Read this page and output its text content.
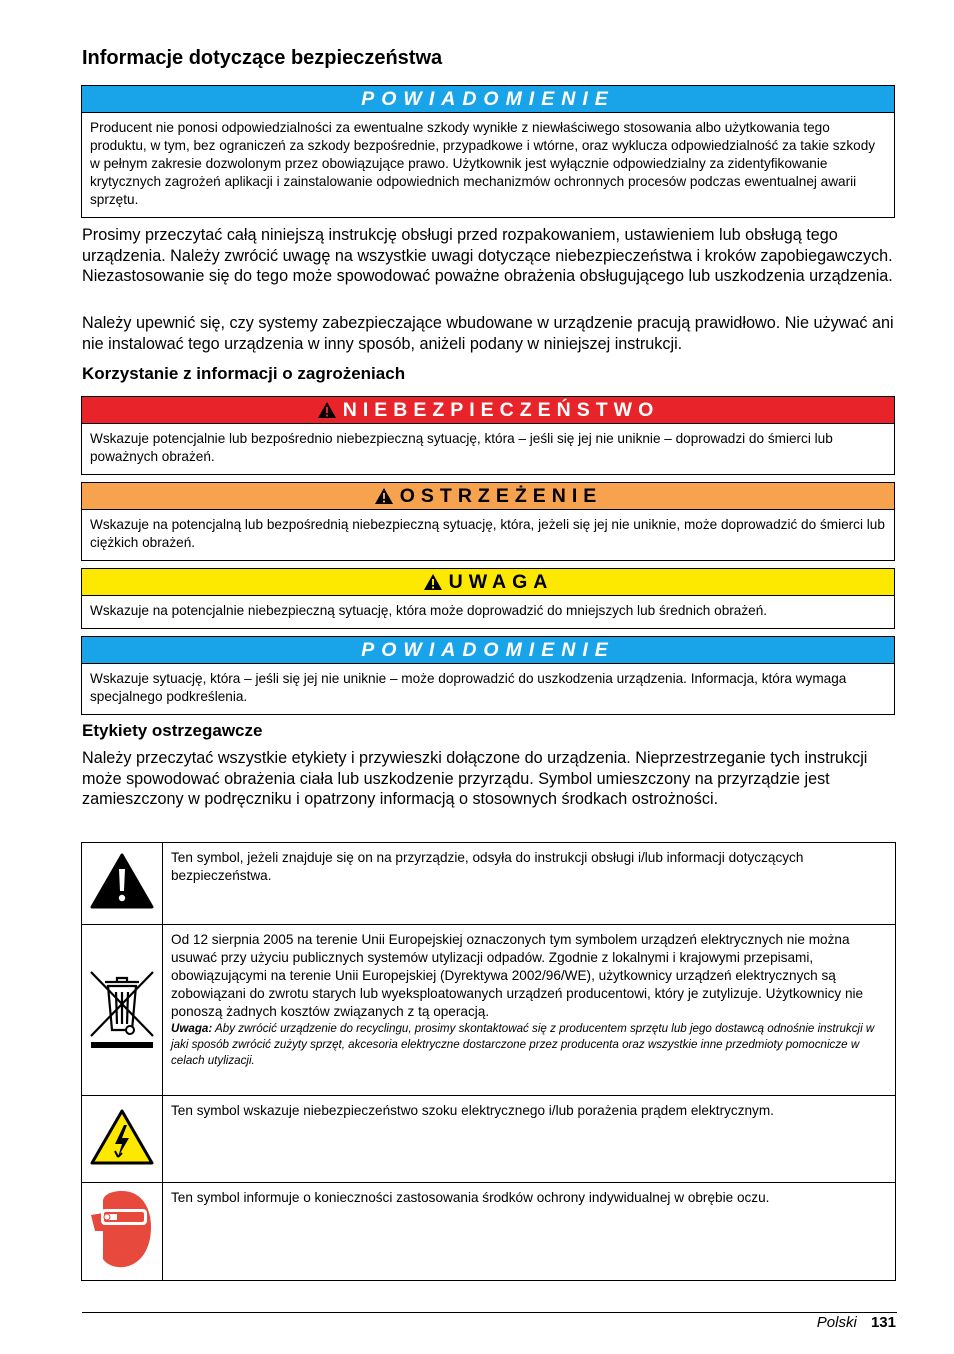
Informacje dotyczące bezpieczeństwa
POWIADOMIENIE
Producent nie ponosi odpowiedzialności za ewentualne szkody wynikłe z niewłaściwego stosowania albo użytkowania tego produktu, w tym, bez ograniczeń za szkody bezpośrednie, przypadkowe i wtórne, oraz wyklucza odpowiedzialność za takie szkody w pełnym zakresie dozwolonym przez obowiązujące prawo. Użytkownik jest wyłącznie odpowiedzialny za zidentyfikowanie krytycznych zagrożeń aplikacji i zainstalowanie odpowiednich mechanizmów ochronnych procesów podczas ewentualnej awarii sprzętu.

Prosimy przeczytać całą niniejszą instrukcję obsługi przed rozpakowaniem, ustawieniem lub obsługą tego urządzenia. Należy zwrócić uwagę na wszystkie uwagi dotyczące niebezpieczeństwa i kroków zapobiegawczych. Niezastosowanie się do tego może spowodować poważne obrażenia obsługującego lub uszkodzenia urządzenia.

Należy upewnić się, czy systemy zabezpieczające wbudowane w urządzenie pracują prawidłowo. Nie używać ani nie instalować tego urządzenia w inny sposób, aniżeli podany w niniejszej instrukcji.

Korzystanie z informacji o zagrożeniach
NIEBEZPIECZEŃSTWO
Wskazuje potencjalnie lub bezpośrednio niebezpieczną sytuację, która – jeśli się jej nie uniknie – doprowadzi do śmierci lub poważnych obrażeń.
OSTRZEŻENIE
Wskazuje na potencjalną lub bezpośrednią niebezpieczną sytuację, która, jeżeli się jej nie uniknie, może doprowadzić do śmierci lub ciężkich obrażeń.
UWAGA
Wskazuje na potencjalnie niebezpieczną sytuację, która może doprowadzić do mniejszych lub średnich obrażeń.
POWIADOMIENIE
Wskazuje sytuację, która – jeśli się jej nie uniknie – może doprowadzić do uszkodzenia urządzenia. Informacja, która wymaga specjalnego podkreślenia.
Etykiety ostrzegawcze

Należy przeczytać wszystkie etykiety i przywieszki dołączone do urządzenia. Nieprzestrzeganie tych instrukcji może spowodować obrażenia ciała lub uszkodzenie przyrządu. Symbol umieszczony na przyrządzie jest zamieszczony w podręczniku i opatrzony informacją o stosownych środkach ostrożności.

Ten symbol, jeżeli znajduje się on na przyrządzie, odsyła do instrukcji obsługi i/lub informacji dotyczących bezpieczeństwa.

Od 12 sierpnia 2005 na terenie Unii Europejskiej oznaczonych tym symbolem urządzeń elektrycznych nie można usuwać przy użyciu publicznych systemów utylizacji odpadów. Zgodnie z lokalnymi i krajowymi przepisami, obowiązującymi na terenie Unii Europejskiej (Dyrektywa 2002/96/WE), użytkownicy urządzeń elektrycznych są zobowiązani do zwrotu starych lub wyeksploatowanych urządzeń producentowi, który je zutylizuje. Użytkownicy nie ponoszą żadnych kosztów związanych z tą operacją.
Uwaga: Aby zwrócić urządzenie do recyclingu, prosimy skontaktować się z producentem sprzętu lub jego dostawcą odnośnie instrukcji w jaki sposób zwrócić zużyty sprzęt, akcesoria elektryczne dostarczone przez producenta oraz wszystkie inne przedmioty pomocnicze w celach utylizacji.

Ten symbol wskazuje niebezpieczeństwo szoku elektrycznego i/lub porażenia prądem elektrycznym.

Ten symbol informuje o konieczności zastosowania środków ochrony indywidualnej w obrębie oczu.
Polski 131
